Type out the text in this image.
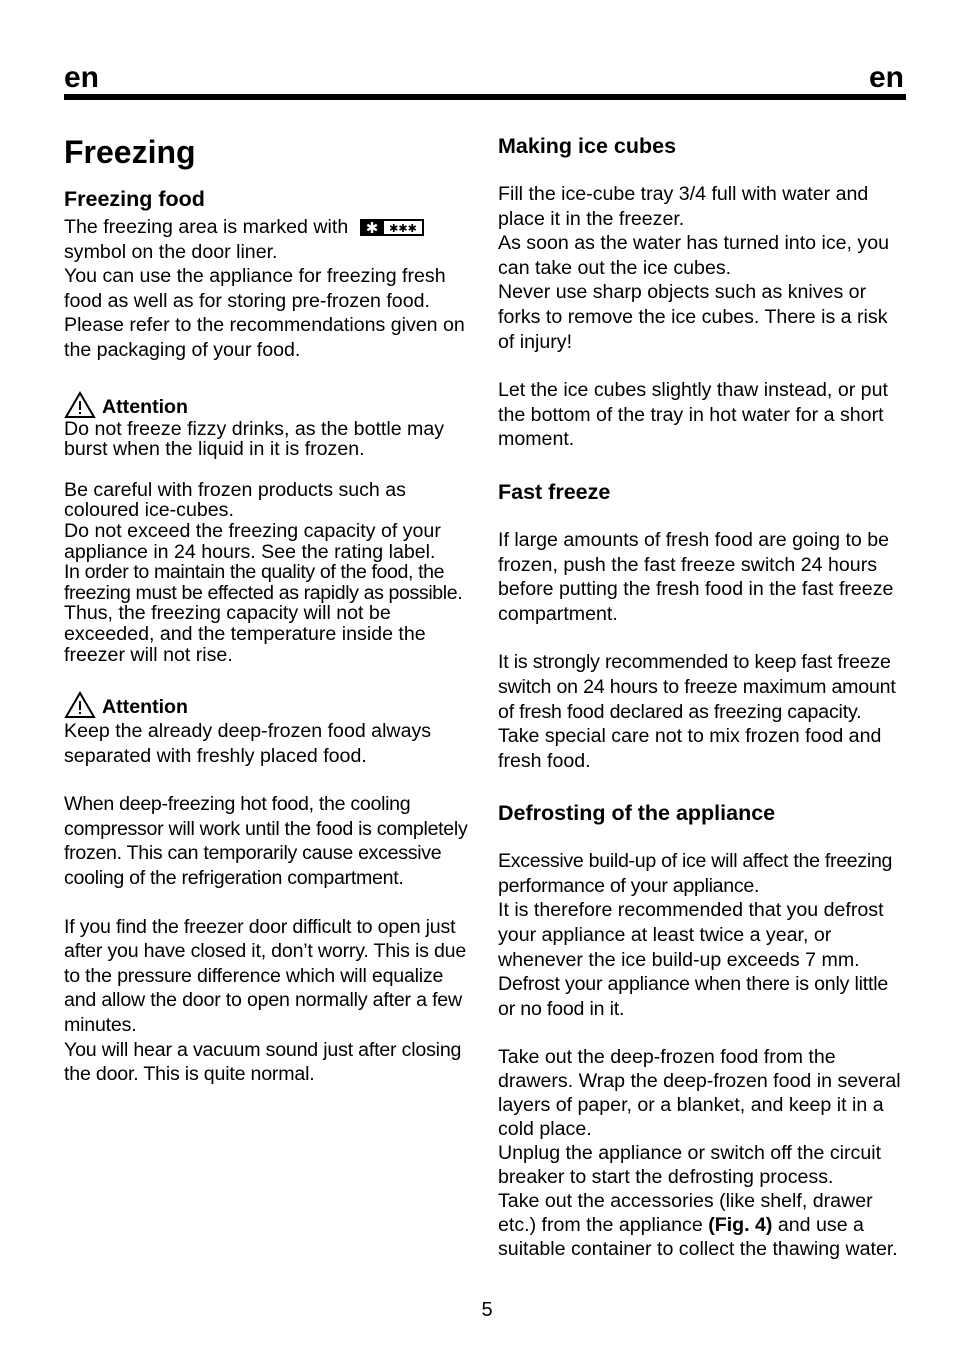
en	en
Freezing
Freezing food

The freezing area is marked with ✱ ✱✱✱

symbol on the door liner.

You can use the appliance for freezing fresh food as well as for storing pre-frozen food. Please refer to the recommendations given on the packaging of your food.

Attention

Do not freeze fizzy drinks, as the bottle may burst when the liquid in it is frozen.

Be careful with frozen products such as coloured ice-cubes.

Do not exceed the freezing capacity of your appliance in 24 hours. See the rating label.

In order to maintain the quality of the food, the freezing must be effected as rapidly as possible.

Thus, the freezing capacity will not be exceeded, and the temperature inside the freezer will not rise.

Attention

Keep the already deep-frozen food always separated with freshly placed food.

When deep-freezing hot food, the cooling compressor will work until the food is completely frozen. This can temporarily cause excessive cooling of the refrigeration compartment.

If you find the freezer door difficult to open just after you have closed it, don’t worry. This is due to the pressure difference which will equalize and allow the door to open normally after a few minutes.

You will hear a vacuum sound just after closing the door. This is quite normal.

Making ice cubes

Fill the ice-cube tray 3/4 full with water and place it in the freezer.

As soon as the water has turned into ice, you can take out the ice cubes.

Never use sharp objects such as knives or forks to remove the ice cubes. There is a risk of injury!

Let the ice cubes slightly thaw instead, or put the bottom of the tray in hot water for a short moment.

Fast freeze

If large amounts of fresh food are going to be frozen, push the fast freeze switch 24 hours before putting the fresh food in the fast freeze compartment.

It is strongly recommended to keep fast freeze switch on 24 hours to freeze maximum amount of fresh food declared as freezing capacity.

Take special care not to mix frozen food and fresh food.

Defrosting of the appliance

Excessive build-up of ice will affect the freezing performance of your appliance.

It is therefore recommended that you defrost your appliance at least twice a year, or whenever the ice build-up exceeds 7 mm.

Defrost your appliance when there is only little or no food in it.

Take out the deep-frozen food from the drawers. Wrap the deep-frozen food in several layers of paper, or a blanket, and keep it in a cold place.

Unplug the appliance or switch off the circuit breaker to start the defrosting process.

Take out the accessories (like shelf, drawer etc.) from the appliance (Fig. 4) and use a suitable container to collect the thawing water.

5
